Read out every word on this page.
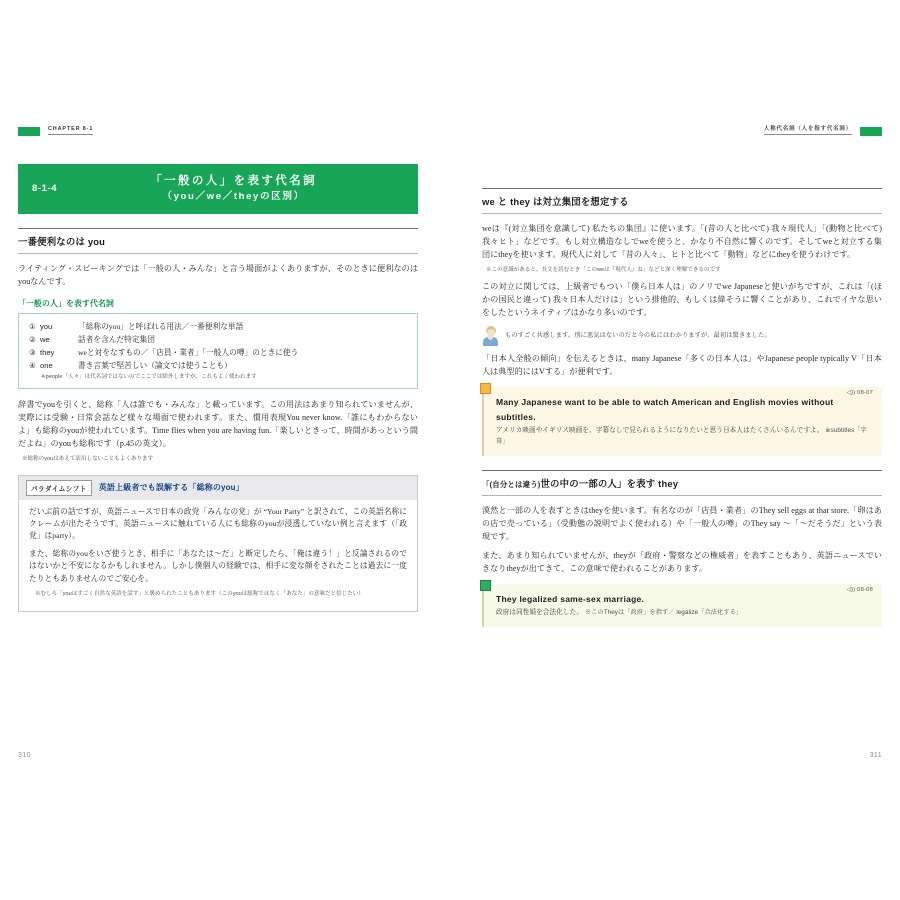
CHAPTER 8-1
8-1-4
「一般の人」を表す代名詞
（you／we／theyの区別）
一番便利なのは you

ライティング・スピーキングでは「一般の人・みんな」と言う場面がよくありますが、そのときに便利なのはyouなんです。

「一般の人」を表す代名詞
① you	「総称のyou」と呼ばれる用法／一番便利な単語
② we	話者を含んだ特定集団
③ they	weと対をなすもの／「店員・業者」「一般人の噂」のときに使う
④ one	書き言葉で堅苦しい（論文では使うことも）
※people「人々」は代名詞ではないのでここでは除外しますが、これもよく使われます

辞書でyouを引くと、総称「人は誰でも・みんな」と載っています。この用法はあまり知られていませんが、実際には受験・日常会話など様々な場面で使われます。また、慣用表現You never know.「誰にもわからないよ」も総称のyouが使われています。Time flies when you are having fun.「楽しいときって、時間があっという間だよね」のyouも総称です（p.45の英文）。

※総称のyouはあえて訳出しないこともよくあります
パラダイムシフト	英語上級者でも誤解する「総称のyou」

だいぶ前の話ですが、英語ニュースで日本の政党「みんなの党」が “Your Party” と訳されて、この英語名称にクレームが出たそうです。英語ニュースに触れている人にも総称のyouが浸透していない例と言えます（「政党」はparty）。

また、総称のyouをいざ使うとき、相手に「あなたは〜だ」と断定したら、「俺は違う！」と反論されるのではないかと不安になるかもしれません。しかし僕個人の経験では、相手に変な顔をされたことは過去に一度たりともありませんのでご安心を。

※むしろ「youはすごく自然な英語を話す」と褒められたこともあります（このyouは総称ではなく「あなた」の意味だと信じたい）
人称代名詞（人を指す代名詞）
we と they は対立集団を想定する

weは『(対立集団を意識して) 私たちの集団』に使います。「(昔の人と比べて) 我々現代人」「(動物と比べて) 我々ヒト」などです。もし対立構造なしでweを使うと、かなり不自然に響くのです。そしてweと対立する集団にtheyを使います。現代人に対して「昔の人々」、ヒトと比べて「動物」などにtheyを使うわけです。

※この意識があると、長文を読むとき「このweは『現代人』ね」などと深く理解できるのです

この対立に関しては、上級者でもつい「僕ら日本人は」のノリでwe Japaneseと使いがちですが、これは「(ほかの国民と違って) 我々日本人だけは」という排他的、もしくは偉そうに響くことがあり、これでイヤな思いをしたというネイティブはかなり多いのです。

ものすごく共感します。別に悪気はないのだと今の私にはわかりますが、最初は驚きました。

「日本人全般の傾向」を伝えるときは、many Japanese「多くの日本人は」やJapanese people typically V「日本人は典型的にはVする」が便利です。

◁)) 08-07

Many Japanese want to be able to watch American and English movies without subtitles.

アメリカ映画やイギリス映画を、字幕なしで見られるようになりたいと思う日本人はたくさんいるんですよ。 ※subtitles「字幕」

「(自分とは違う)世の中の一部の人」を表す they

漠然と一部の人を表すときはtheyを使います。有名なのが「店員・業者」のThey sell eggs at that store.「卵はあの店で売っている」（受動態の説明でよく使われる）や「一般人の噂」のThey say 〜「〜だそうだ」という表現です。

また、あまり知られていませんが、theyが「政府・警察などの権威者」を表すこともあり、英語ニュースでいきなりtheyが出てきて、この意味で使われることがあります。

◁)) 08-08

They legalized same-sex marriage.

政府は同性婚を合法化した。 ※このTheyは「政府」を指す／ legalize「合法化する」

310	311
